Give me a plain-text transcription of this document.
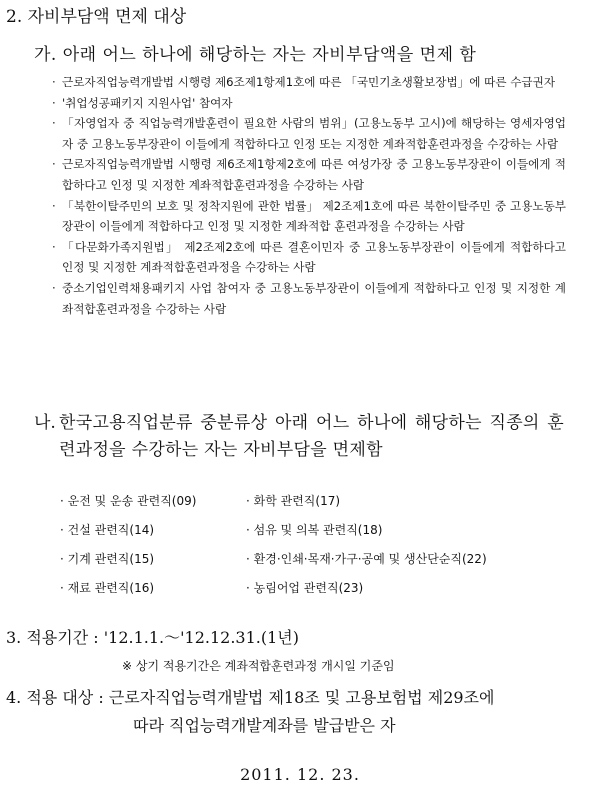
2. 자비부담액 면제 대상
가. 아래 어느 하나에 해당하는 자는 자비부담액을 면제 함
· 근로자직업능력개발법 시행령 제6조제1항제1호에 따른 「국민기초생활보장법」에 따른 수급권자
· '취업성공패키지 지원사업' 참여자
· 「자영업자 중 직업능력개발훈련이 필요한 사람의 범위」(고용노동부 고시)에 해당하는 영세자영업자 중 고용노동부장관이 이들에게 적합하다고 인정 또는 지정한 계좌적합훈련과정을 수강하는 사람
· 근로자직업능력개발법 시행령 제6조제1항제2호에 따른 여성가장 중 고용노동부장관이 이들에게 적합하다고 인정 및 지정한 계좌적합훈련과정을 수강하는 사람
· 「북한이탈주민의 보호 및 정착지원에 관한 법률」 제2조제1호에 따른 북한이탈주민 중 고용노동부장관이 이들에게 적합하다고 인정 및 지정한 계좌적합 훈련과정을 수강하는 사람
· 「다문화가족지원법」 제2조제2호에 따른 결혼이민자 중 고용노동부장관이 이들에게 적합하다고 인정 및 지정한 계좌적합훈련과정을 수강하는 사람
· 중소기업인력채용패키지 사업 참여자 중 고용노동부장관이 이들에게 적합하다고 인정 및 지정한 계좌적합훈련과정을 수강하는 사람
나. 한국고용직업분류 중분류상 아래 어느 하나에 해당하는 직종의 훈련과정을 수강하는 자는 자비부담을 면제함
· 운전 및 운송 관련직(09)
· 건설 관련직(14)
· 기계 관련직(15)
· 재료 관련직(16)
· 화학 관련직(17)
· 섬유 및 의복 관련직(18)
· 환경·인쇄·목재·가구·공예 및 생산단순직(22)
· 농림어업 관련직(23)
3. 적용기간 : '12.1.1.～'12.12.31.(1년)
※ 상기 적용기간은 계좌적합훈련과정 개시일 기준임
4. 적용 대상 : 근로자직업능력개발법 제18조 및 고용보험법 제29조에
따라 직업능력개발계좌를 발급받은 자
2011. 12. 23.
